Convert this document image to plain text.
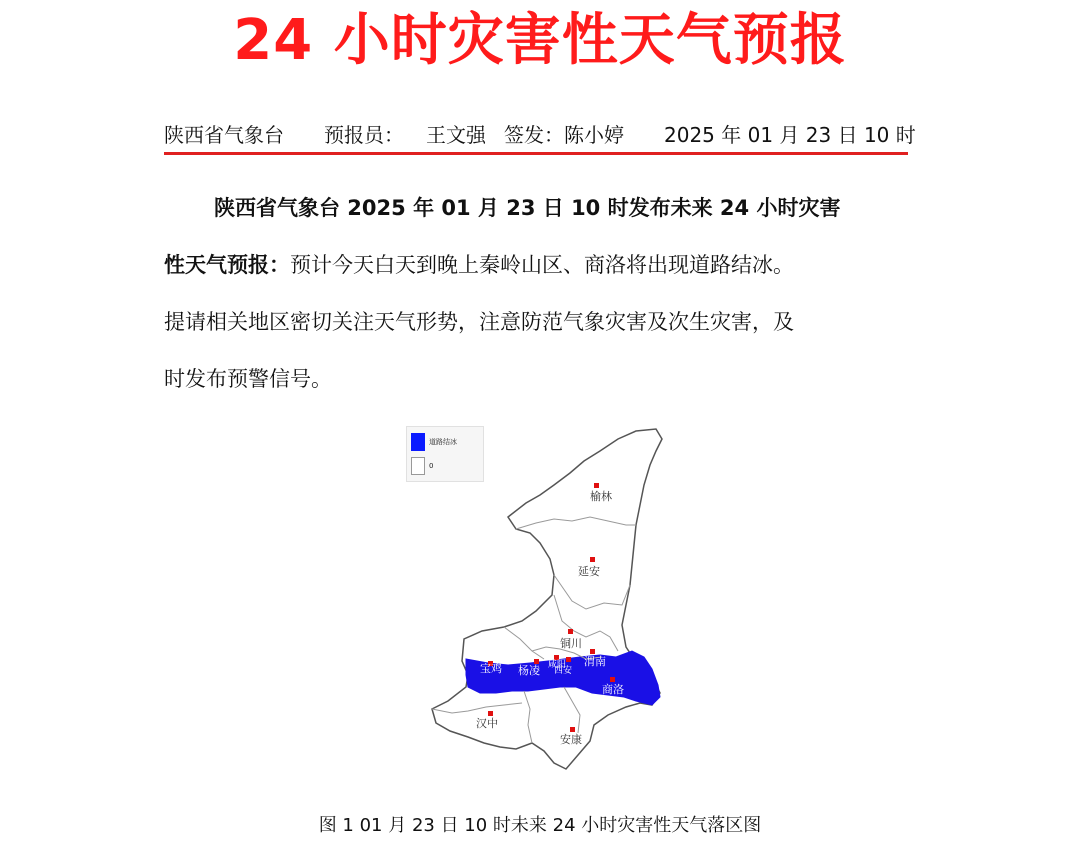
24 小时灾害性天气预报
陕西省气象台 预报员： 王文强 签发：陈小婷 2025 年 01 月 23 日 10 时
陕西省气象台 2025 年 01 月 23 日 10 时发布未来 24 小时灾害
性天气预报：预计今天白天到晚上秦岭山区、商洛将出现道路结冰。
提请相关地区密切关注天气形势，注意防范气象灾害及次生灾害，及
时发布预警信号。
榆林
延安
铜川
宝鸡 杨凌 咸阳
西安
渭南
商洛
汉中
安康
道路结冰
0
图 1 01 月 23 日 10 时未来 24 小时灾害性天气落区图
